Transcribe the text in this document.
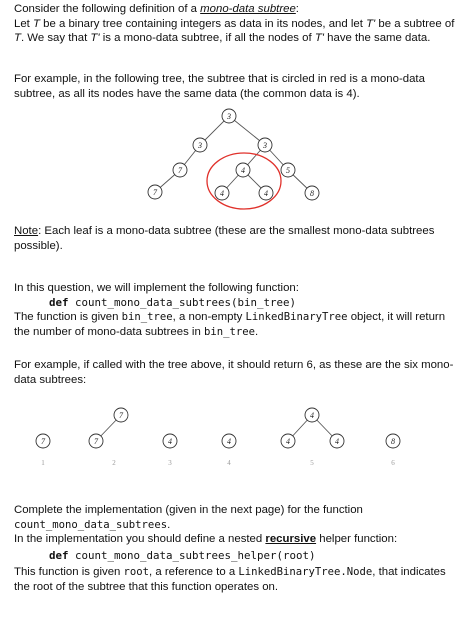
Consider the following definition of a mono-data subtree:
Let T be a binary tree containing integers as data in its nodes, and let T' be a subtree of T. We say that T' is a mono-data subtree, if all the nodes of T' have the same data.

For example, in the following tree, the subtree that is circled in red is a mono-data subtree, as all its nodes have the same data (the common data is 4).

3
3	3
7	4	5
7	4	4	8

Note: Each leaf is a mono-data subtree (these are the smallest mono-data subtrees possible).

In this question, we will implement the following function:

def count_mono_data_subtrees(bin_tree)

The function is given bin_tree, a non-empty LinkedBinaryTree object, it will return the number of mono-data subtrees in bin_tree.

For example, if called with the tree above, it should return 6, as these are the six mono-data subtrees:

7
7
7	4	4
4
4	4	8
1	2	3	4	5	6

Complete the implementation (given in the next page) for the function
count_mono_data_subtrees.
In the implementation you should define a nested recursive helper function:

def count_mono_data_subtrees_helper(root)

This function is given root, a reference to a LinkedBinaryTree.Node, that indicates the root of the subtree that this function operates on.
